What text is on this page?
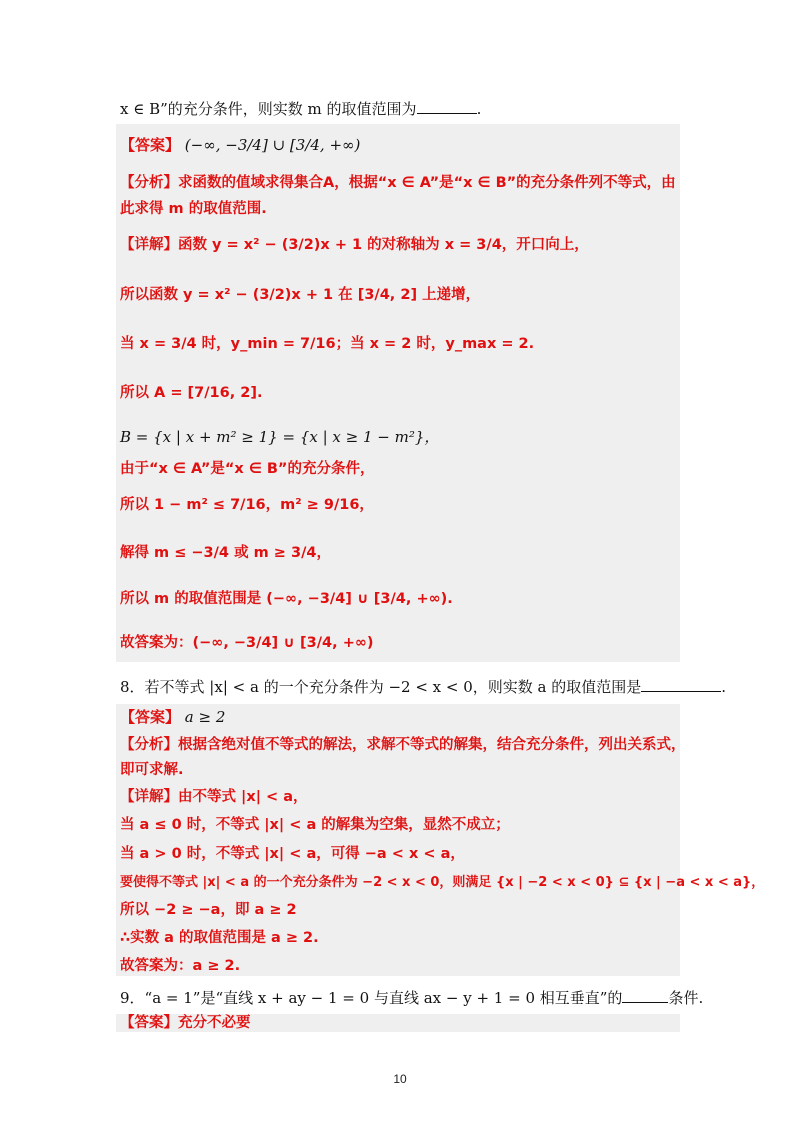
x ∈ B”的充分条件，则实数 m 的取值范围为	.
【答案】 (−∞, −3/4] ∪ [3/4, +∞)
【分析】求函数的值域求得集合A，根据“x ∈ A”是“x ∈ B”的充分条件列不等式，由
此求得 m 的取值范围.
【详解】函数 y = x² − (3/2)x + 1 的对称轴为 x = 3/4，开口向上，
所以函数 y = x² − (3/2)x + 1 在 [3/4, 2] 上递增，
当 x = 3/4 时，y_min = 7/16；当 x = 2 时，y_max = 2.
所以 A = [7/16, 2].
B = {x | x + m² ≥ 1} = {x | x ≥ 1 − m²}，
由于“x ∈ A”是“x ∈ B”的充分条件，
所以 1 − m² ≤ 7/16，m² ≥ 9/16，
解得 m ≤ −3/4 或 m ≥ 3/4，
所以 m 的取值范围是 (−∞, −3/4] ∪ [3/4, +∞).
故答案为：(−∞, −3/4] ∪ [3/4, +∞)
8．若不等式 |x| < a 的一个充分条件为 −2 < x < 0，则实数 a 的取值范围是	.
【答案】 a ≥ 2
【分析】根据含绝对值不等式的解法，求解不等式的解集，结合充分条件，列出关系式，
即可求解.
【详解】由不等式 |x| < a，
当 a ≤ 0 时，不等式 |x| < a 的解集为空集，显然不成立；
当 a > 0 时，不等式 |x| < a，可得 −a < x < a，
要使得不等式 |x| < a 的一个充分条件为 −2 < x < 0，则满足 {x | −2 < x < 0} ⊆ {x | −a < x < a}，
所以 −2 ≥ −a，即 a ≥ 2
∴实数 a 的取值范围是 a ≥ 2.
故答案为：a ≥ 2.
9．“a = 1”是“直线 x + ay − 1 = 0 与直线 ax − y + 1 = 0 相互垂直”的	条件.
【答案】充分不必要
10
